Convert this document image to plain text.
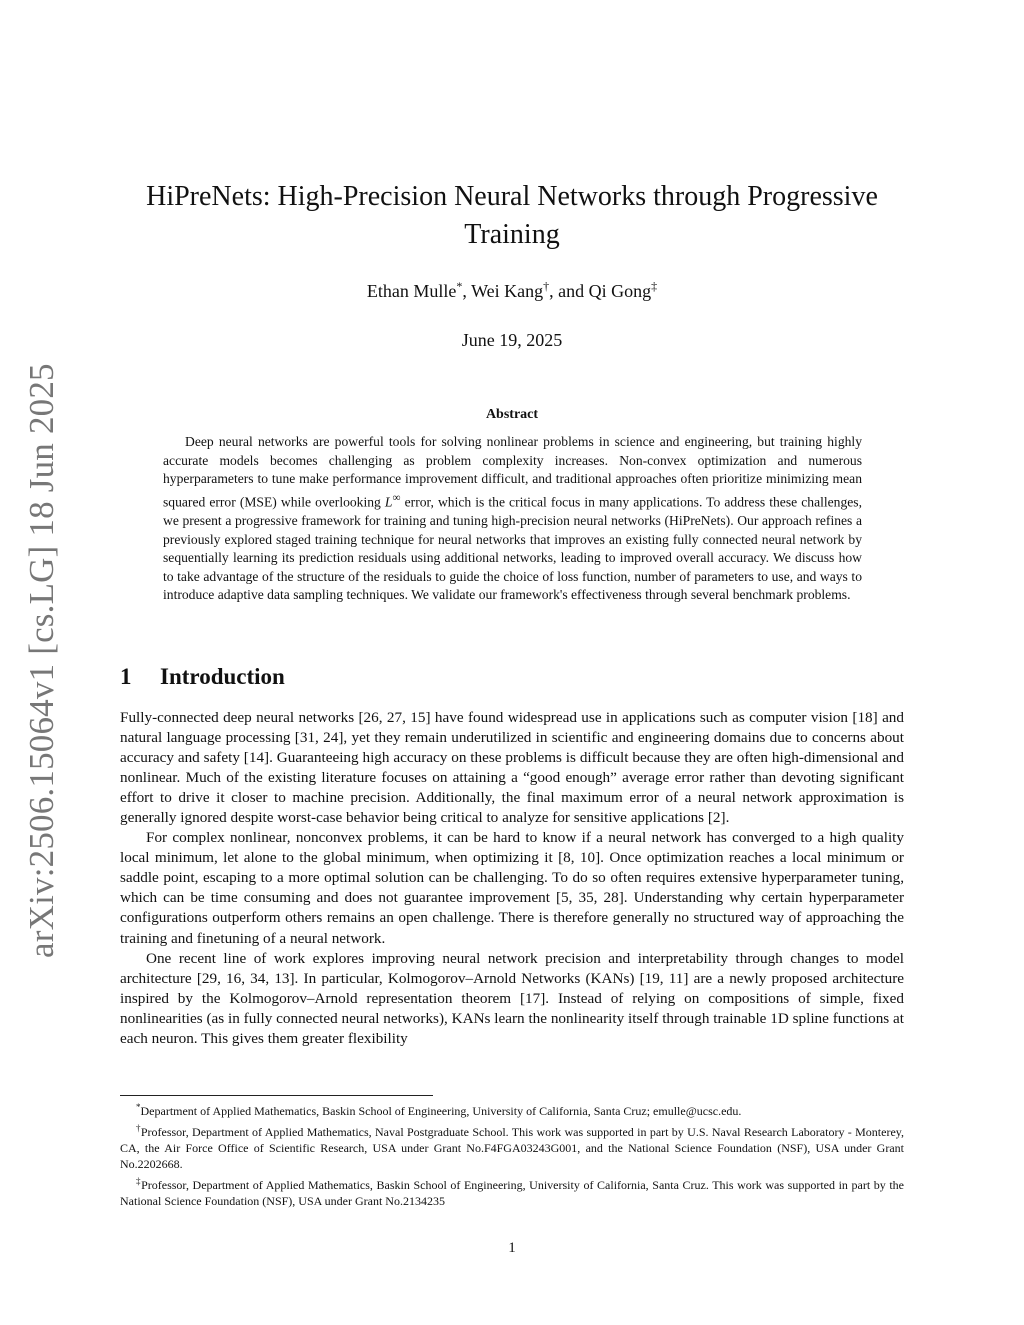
arXiv:2506.15064v1 [cs.LG] 18 Jun 2025
HiPreNets: High-Precision Neural Networks through Progressive Training
Ethan Mulle*, Wei Kang†, and Qi Gong‡
June 19, 2025
Abstract

Deep neural networks are powerful tools for solving nonlinear problems in science and engineering, but training highly accurate models becomes challenging as problem complexity increases. Non-convex optimization and numerous hyperparameters to tune make performance improvement difficult, and traditional approaches often prioritize minimizing mean squared error (MSE) while overlooking L∞ error, which is the critical focus in many applications. To address these challenges, we present a progressive framework for training and tuning high-precision neural networks (HiPreNets). Our approach refines a previously explored staged training technique for neural networks that improves an existing fully connected neural network by sequentially learning its prediction residuals using additional networks, leading to improved overall accuracy. We discuss how to take advantage of the structure of the residuals to guide the choice of loss function, number of parameters to use, and ways to introduce adaptive data sampling techniques. We validate our framework's effectiveness through several benchmark problems.

1 Introduction

Fully-connected deep neural networks [26, 27, 15] have found widespread use in applications such as computer vision [18] and natural language processing [31, 24], yet they remain underutilized in scientific and engineering domains due to concerns about accuracy and safety [14]. Guaranteeing high accuracy on these problems is difficult because they are often high-dimensional and nonlinear. Much of the existing literature focuses on attaining a “good enough” average error rather than devoting significant effort to drive it closer to machine precision. Additionally, the final maximum error of a neural network approximation is generally ignored despite worst-case behavior being critical to analyze for sensitive applications [2].

For complex nonlinear, nonconvex problems, it can be hard to know if a neural network has converged to a high quality local minimum, let alone to the global minimum, when optimizing it [8, 10]. Once optimization reaches a local minimum or saddle point, escaping to a more optimal solution can be challenging. To do so often requires extensive hyperparameter tuning, which can be time consuming and does not guarantee improvement [5, 35, 28]. Understanding why certain hyperparameter configurations outperform others remains an open challenge. There is therefore generally no structured way of approaching the training and finetuning of a neural network.

One recent line of work explores improving neural network precision and interpretability through changes to model architecture [29, 16, 34, 13]. In particular, Kolmogorov–Arnold Networks (KANs) [19, 11] are a newly proposed architecture inspired by the Kolmogorov–Arnold representation theorem [17]. Instead of relying on compositions of simple, fixed nonlinearities (as in fully connected neural networks), KANs learn the nonlinearity itself through trainable 1D spline functions at each neuron. This gives them greater flexibility

*Department of Applied Mathematics, Baskin School of Engineering, University of California, Santa Cruz; emulle@ucsc.edu.

†Professor, Department of Applied Mathematics, Naval Postgraduate School. This work was supported in part by U.S. Naval Research Laboratory - Monterey, CA, the Air Force Office of Scientific Research, USA under Grant No.F4FGA03243G001, and the National Science Foundation (NSF), USA under Grant No.2202668.

‡Professor, Department of Applied Mathematics, Baskin School of Engineering, University of California, Santa Cruz. This work was supported in part by the National Science Foundation (NSF), USA under Grant No.2134235

1
